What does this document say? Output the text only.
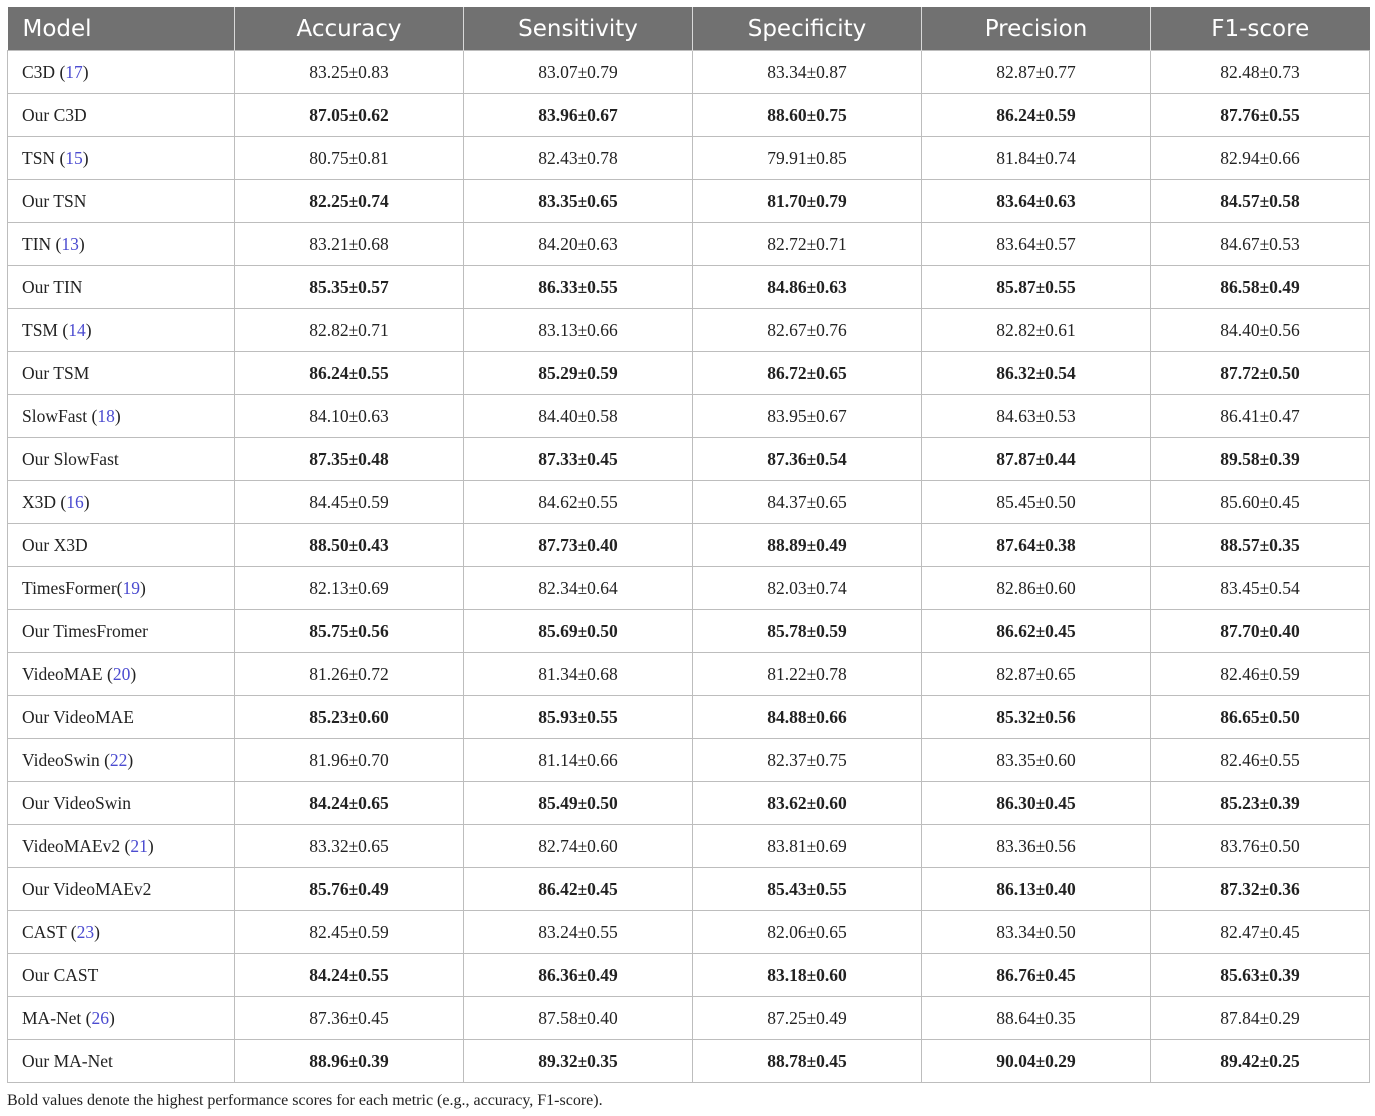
Model	Accuracy	Sensitivity	Specificity	Precision	F1-score
C3D (17)	83.25±0.83	83.07±0.79	83.34±0.87	82.87±0.77	82.48±0.73
Our C3D	87.05±0.62	83.96±0.67	88.60±0.75	86.24±0.59	87.76±0.55
TSN (15)	80.75±0.81	82.43±0.78	79.91±0.85	81.84±0.74	82.94±0.66
Our TSN	82.25±0.74	83.35±0.65	81.70±0.79	83.64±0.63	84.57±0.58
TIN (13)	83.21±0.68	84.20±0.63	82.72±0.71	83.64±0.57	84.67±0.53
Our TIN	85.35±0.57	86.33±0.55	84.86±0.63	85.87±0.55	86.58±0.49
TSM (14)	82.82±0.71	83.13±0.66	82.67±0.76	82.82±0.61	84.40±0.56
Our TSM	86.24±0.55	85.29±0.59	86.72±0.65	86.32±0.54	87.72±0.50
SlowFast (18)	84.10±0.63	84.40±0.58	83.95±0.67	84.63±0.53	86.41±0.47
Our SlowFast	87.35±0.48	87.33±0.45	87.36±0.54	87.87±0.44	89.58±0.39
X3D (16)	84.45±0.59	84.62±0.55	84.37±0.65	85.45±0.50	85.60±0.45
Our X3D	88.50±0.43	87.73±0.40	88.89±0.49	87.64±0.38	88.57±0.35
TimesFormer(19)	82.13±0.69	82.34±0.64	82.03±0.74	82.86±0.60	83.45±0.54
Our TimesFromer	85.75±0.56	85.69±0.50	85.78±0.59	86.62±0.45	87.70±0.40
VideoMAE (20)	81.26±0.72	81.34±0.68	81.22±0.78	82.87±0.65	82.46±0.59
Our VideoMAE	85.23±0.60	85.93±0.55	84.88±0.66	85.32±0.56	86.65±0.50
VideoSwin (22)	81.96±0.70	81.14±0.66	82.37±0.75	83.35±0.60	82.46±0.55
Our VideoSwin	84.24±0.65	85.49±0.50	83.62±0.60	86.30±0.45	85.23±0.39
VideoMAEv2 (21)	83.32±0.65	82.74±0.60	83.81±0.69	83.36±0.56	83.76±0.50
Our VideoMAEv2	85.76±0.49	86.42±0.45	85.43±0.55	86.13±0.40	87.32±0.36
CAST (23)	82.45±0.59	83.24±0.55	82.06±0.65	83.34±0.50	82.47±0.45
Our CAST	84.24±0.55	86.36±0.49	83.18±0.60	86.76±0.45	85.63±0.39
MA-Net (26)	87.36±0.45	87.58±0.40	87.25±0.49	88.64±0.35	87.84±0.29
Our MA-Net	88.96±0.39	89.32±0.35	88.78±0.45	90.04±0.29	89.42±0.25
Bold values denote the highest performance scores for each metric (e.g., accuracy, F1-score).
